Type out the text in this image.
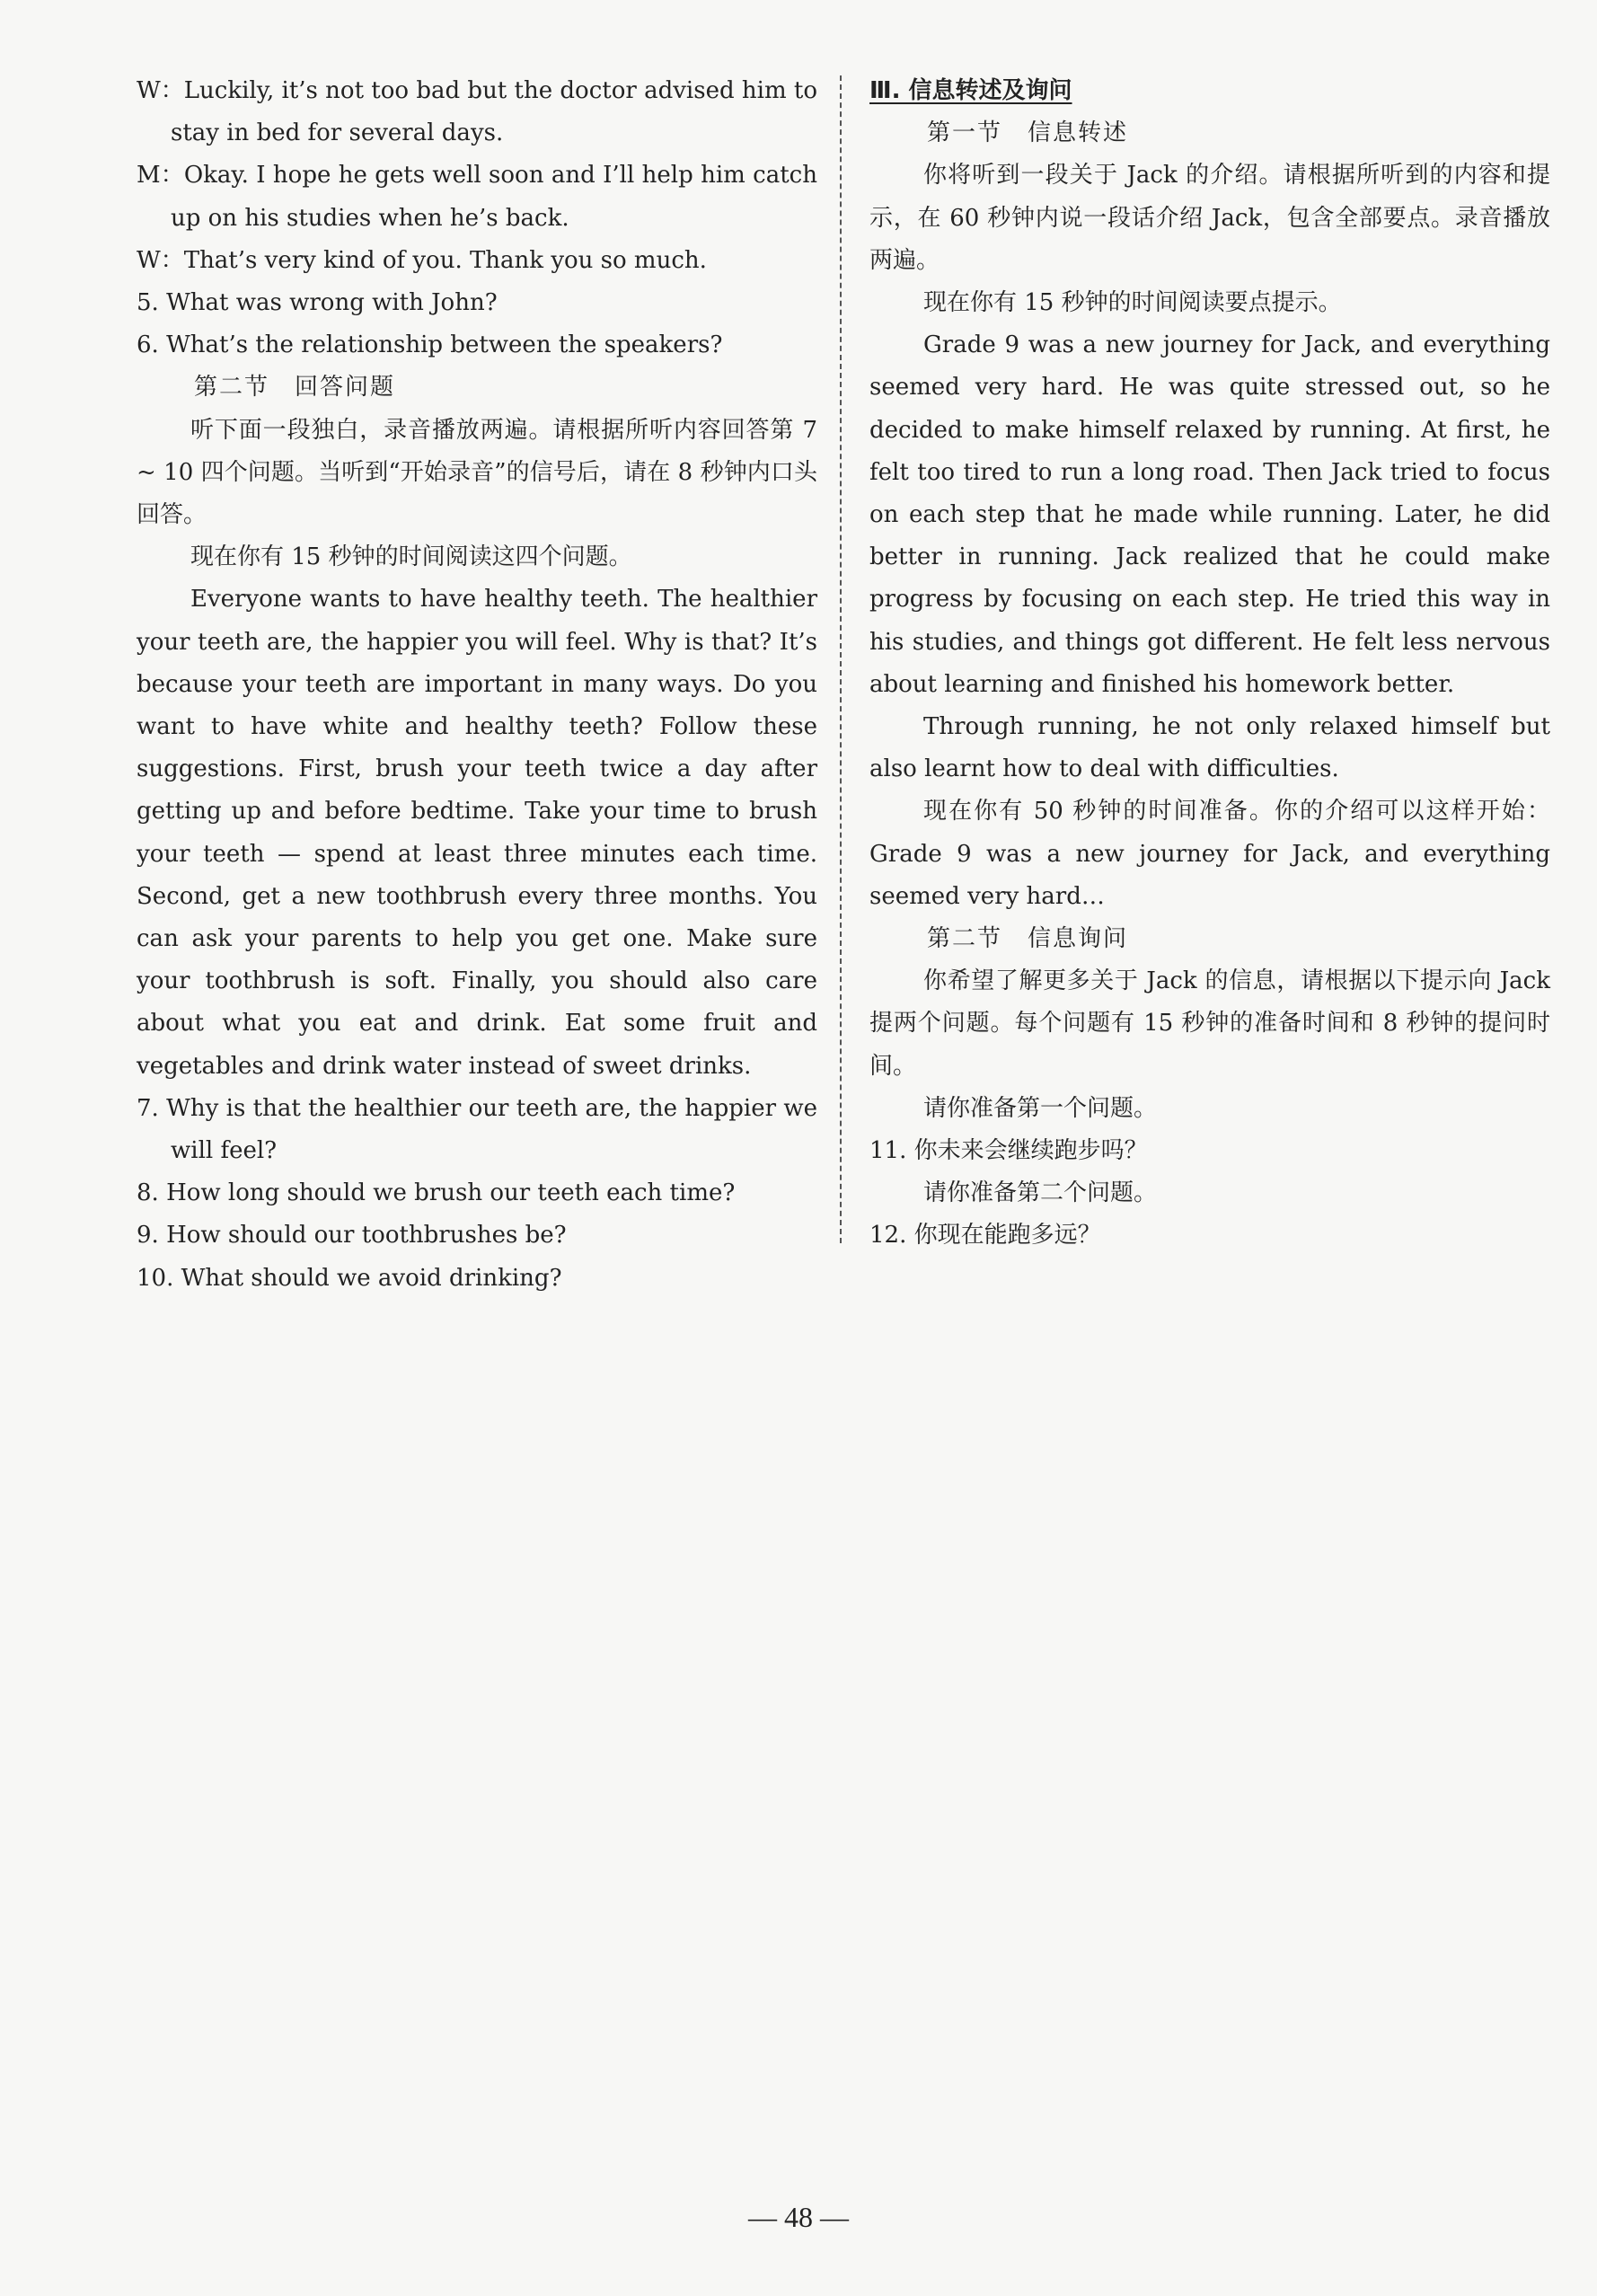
W：Luckily, it’s not too bad but the doctor advised him to stay in bed for several days.

M：Okay. I hope he gets well soon and I’ll help him catch up on his studies when he’s back.

W：That’s very kind of you. Thank you so much.

5. What was wrong with John?

6. What’s the relationship between the speakers?

第二节　回答问题

听下面一段独白，录音播放两遍。请根据所听内容回答第 7 ~ 10 四个问题。当听到“开始录音”的信号后，请在 8 秒钟内口头回答。

现在你有 15 秒钟的时间阅读这四个问题。

Everyone wants to have healthy teeth. The healthier your teeth are, the happier you will feel. Why is that? It’s because your teeth are important in many ways. Do you want to have white and healthy teeth? Follow these suggestions. First, brush your teeth twice a day after getting up and before bedtime. Take your time to brush your teeth — spend at least three minutes each time. Second, get a new toothbrush every three months. You can ask your parents to help you get one. Make sure your toothbrush is soft. Finally, you should also care about what you eat and drink. Eat some fruit and vegetables and drink water instead of sweet drinks.

7. Why is that the healthier our teeth are, the happier we will feel?

8. How long should we brush our teeth each time?

9. How should our toothbrushes be?

10. What should we avoid drinking?

Ⅲ. 信息转述及询问

第一节　信息转述

你将听到一段关于 Jack 的介绍。请根据所听到的内容和提示，在 60 秒钟内说一段话介绍 Jack，包含全部要点。录音播放两遍。

现在你有 15 秒钟的时间阅读要点提示。

Grade 9 was a new journey for Jack, and everything seemed very hard. He was quite stressed out, so he decided to make himself relaxed by running. At first, he felt too tired to run a long road. Then Jack tried to focus on each step that he made while running. Later, he did better in running. Jack realized that he could make progress by focusing on each step. He tried this way in his studies, and things got different. He felt less nervous about learning and finished his homework better.

Through running, he not only relaxed himself but also learnt how to deal with difficulties.

现在你有 50 秒钟的时间准备。你的介绍可以这样开始：Grade 9 was a new journey for Jack, and everything seemed very hard…

第二节　信息询问

你希望了解更多关于 Jack 的信息，请根据以下提示向 Jack 提两个问题。每个问题有 15 秒钟的准备时间和 8 秒钟的提问时间。

请你准备第一个问题。

11. 你未来会继续跑步吗？

请你准备第二个问题。

12. 你现在能跑多远？

— 48 —
